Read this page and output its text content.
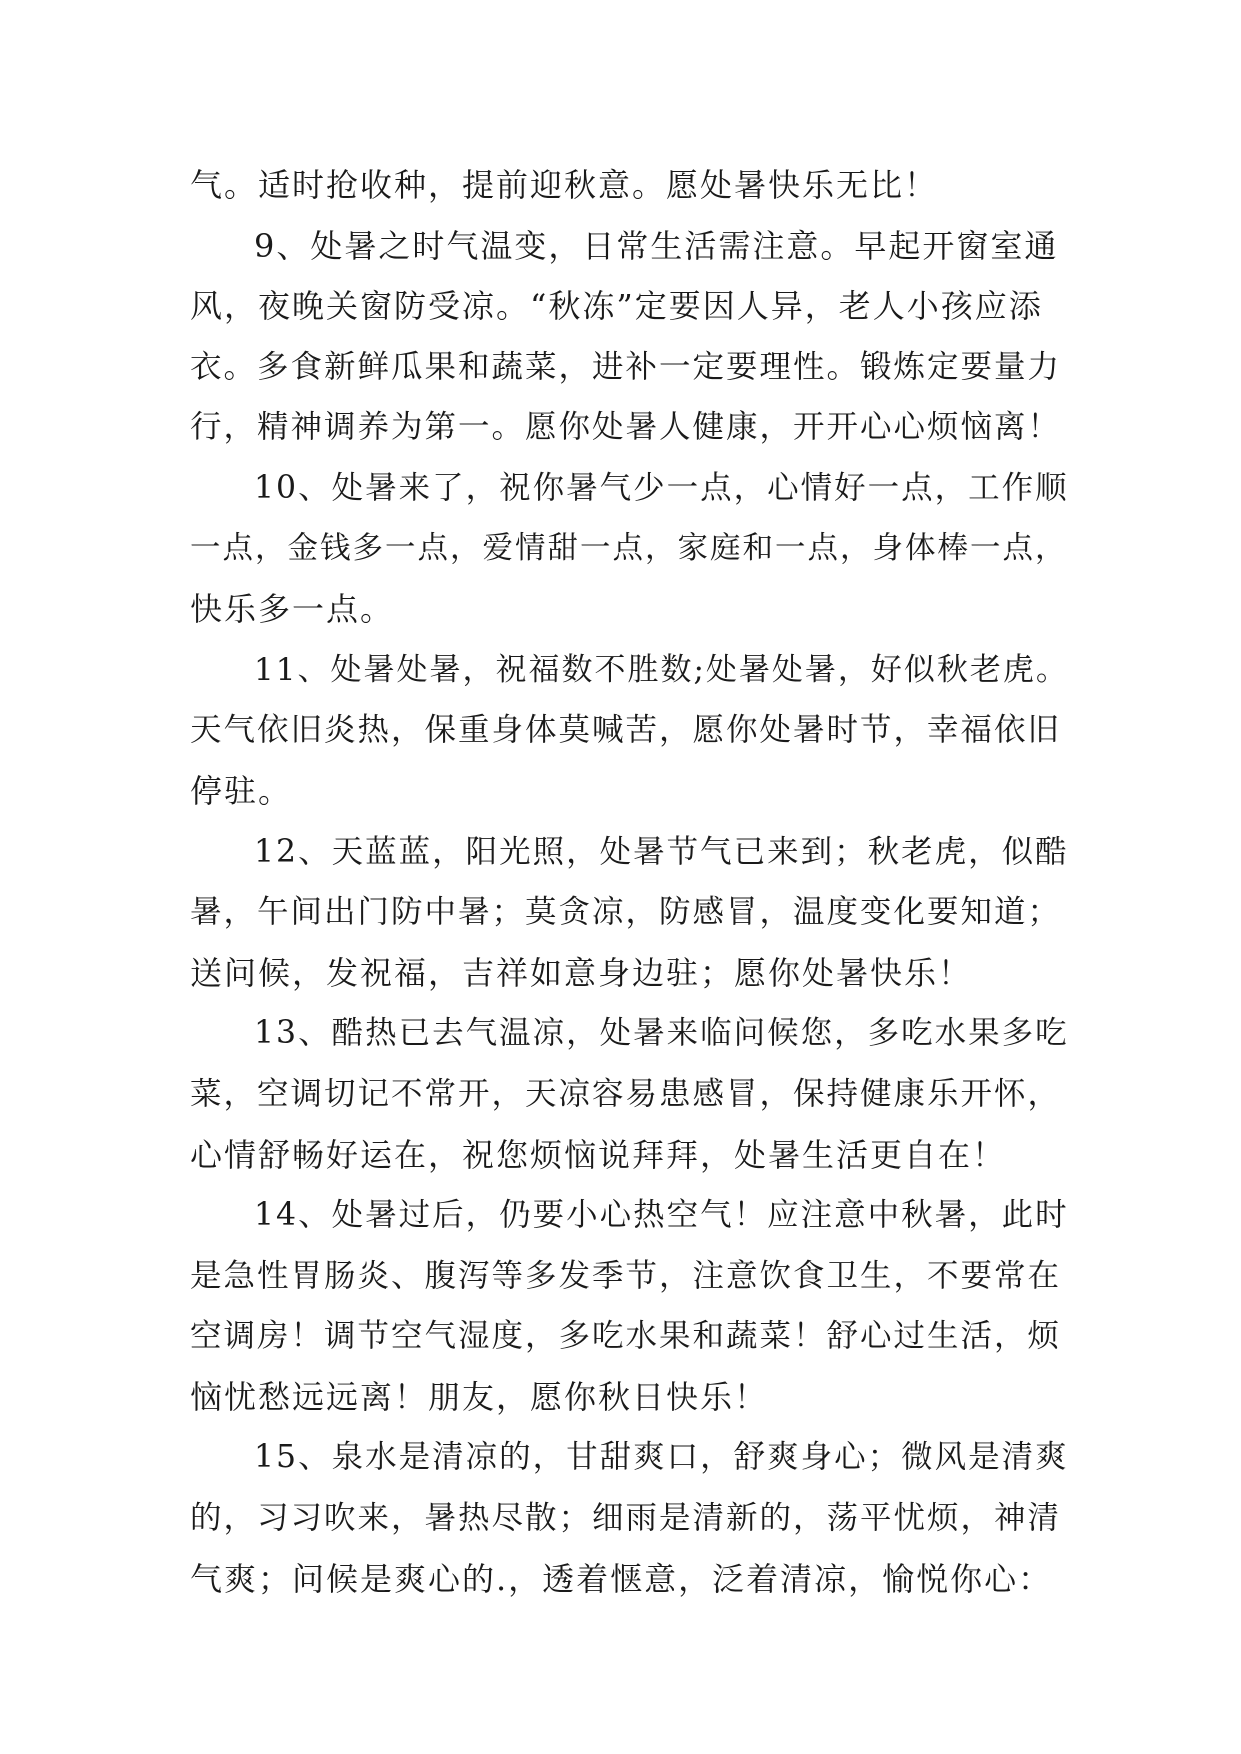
气。适时抢收种，提前迎秋意。愿处暑快乐无比！
9、处暑之时气温变，日常生活需注意。早起开窗室通
风，夜晚关窗防受凉。“秋冻”定要因人异，老人小孩应添
衣。多食新鲜瓜果和蔬菜，进补一定要理性。锻炼定要量力
行，精神调养为第一。愿你处暑人健康，开开心心烦恼离！
10、处暑来了，祝你暑气少一点，心情好一点，工作顺
一点，金钱多一点，爱情甜一点，家庭和一点，身体棒一点，
快乐多一点。
11、处暑处暑，祝福数不胜数;处暑处暑，好似秋老虎。
天气依旧炎热，保重身体莫喊苦，愿你处暑时节，幸福依旧
停驻。
12、天蓝蓝，阳光照，处暑节气已来到；秋老虎，似酷
暑，午间出门防中暑；莫贪凉，防感冒，温度变化要知道；
送问候，发祝福，吉祥如意身边驻；愿你处暑快乐！
13、酷热已去气温凉，处暑来临问候您，多吃水果多吃
菜，空调切记不常开，天凉容易患感冒，保持健康乐开怀，
心情舒畅好运在，祝您烦恼说拜拜，处暑生活更自在！
14、处暑过后，仍要小心热空气！应注意中秋暑，此时
是急性胃肠炎、腹泻等多发季节，注意饮食卫生，不要常在
空调房！调节空气湿度，多吃水果和蔬菜！舒心过生活，烦
恼忧愁远远离！朋友，愿你秋日快乐！
15、泉水是清凉的，甘甜爽口，舒爽身心；微风是清爽
的，习习吹来，暑热尽散；细雨是清新的，荡平忧烦，神清
气爽；问候是爽心的.，透着惬意，泛着清凉，愉悦你心：
